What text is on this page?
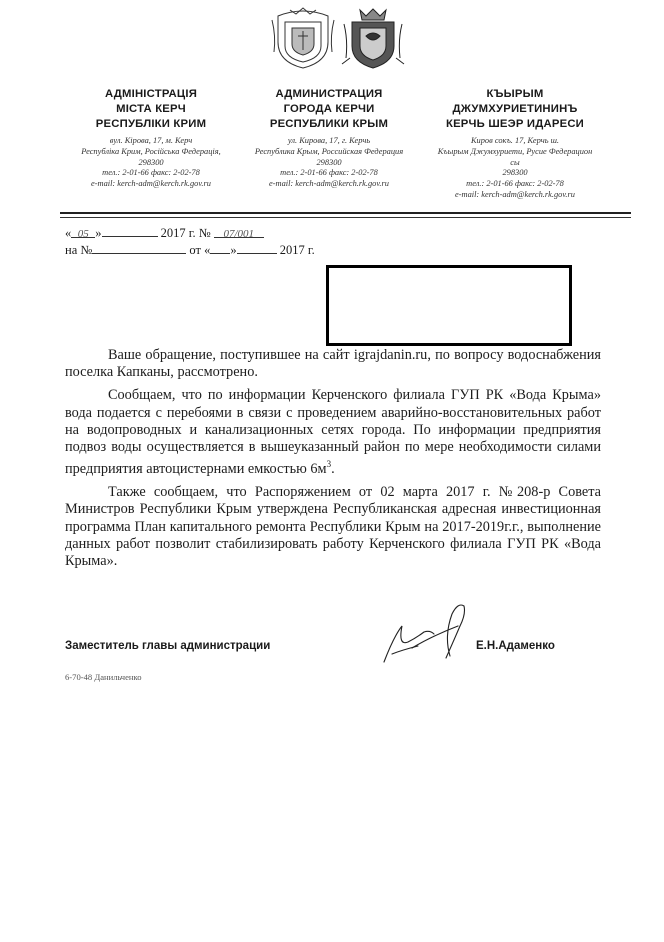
АДМІНІСТРАЦІЯ
МІСТА КЕРЧ
РЕСПУБЛІКИ КРИМ
вул. Кірова, 17, м. Керч
Республіка Крим, Російська Федерація,
298300
тел.: 2-01-66 факс: 2-02-78
e-mail: kerch-adm@kerch.rk.gov.ru
АДМИНИСТРАЦИЯ
ГОРОДА КЕРЧИ
РЕСПУБЛИКИ КРЫМ
ул. Кирова, 17, г. Керчь
Республика Крым, Российская Федерация
298300
тел.: 2-01-66 факс: 2-02-78
e-mail: kerch-adm@kerch.rk.gov.ru
КЪЫРЫМ
ДЖУМХУРИЕТИНИНЪ
КЕРЧЬ ШЕЭР ИДАРЕСИ
Киров сокъ. 17, Керчь ш.
Къырым Джумхуриети, Русие Федерацион
сы
298300
тел.: 2-01-66 факс: 2-02-78
e-mail: kerch-adm@kerch.rk.gov.ru
« 05 »	2017 г. № 07/001
на №	от « »	2017 г.

Ваше обращение, поступившее на сайт igrajdanin.ru, по вопросу водоснабжения поселка Капканы, рассмотрено.

Сообщаем, что по информации Керченского филиала ГУП РК «Вода Крыма» вода подается с перебоями в связи с проведением аварийно-восстановительных работ на водопроводных и канализационных сетях города. По информации предприятия подвоз воды осуществляется в вышеуказанный район по мере необходимости силами предприятия автоцистернами емкостью $6м^3$.

Также сообщаем, что Распоряжением от 02 марта 2017 г. №208-р Совета Министров Республики Крым утверждена Республиканская адресная инвестиционная программа План капитального ремонта Республики Крым на 2017-2019г.г., выполнение данных работ позволит стабилизировать работу Керченского филиала ГУП РК «Вода Крыма».

Заместитель главы администрации	Е.Н.Адаменко
6-70-48 Данильченко
